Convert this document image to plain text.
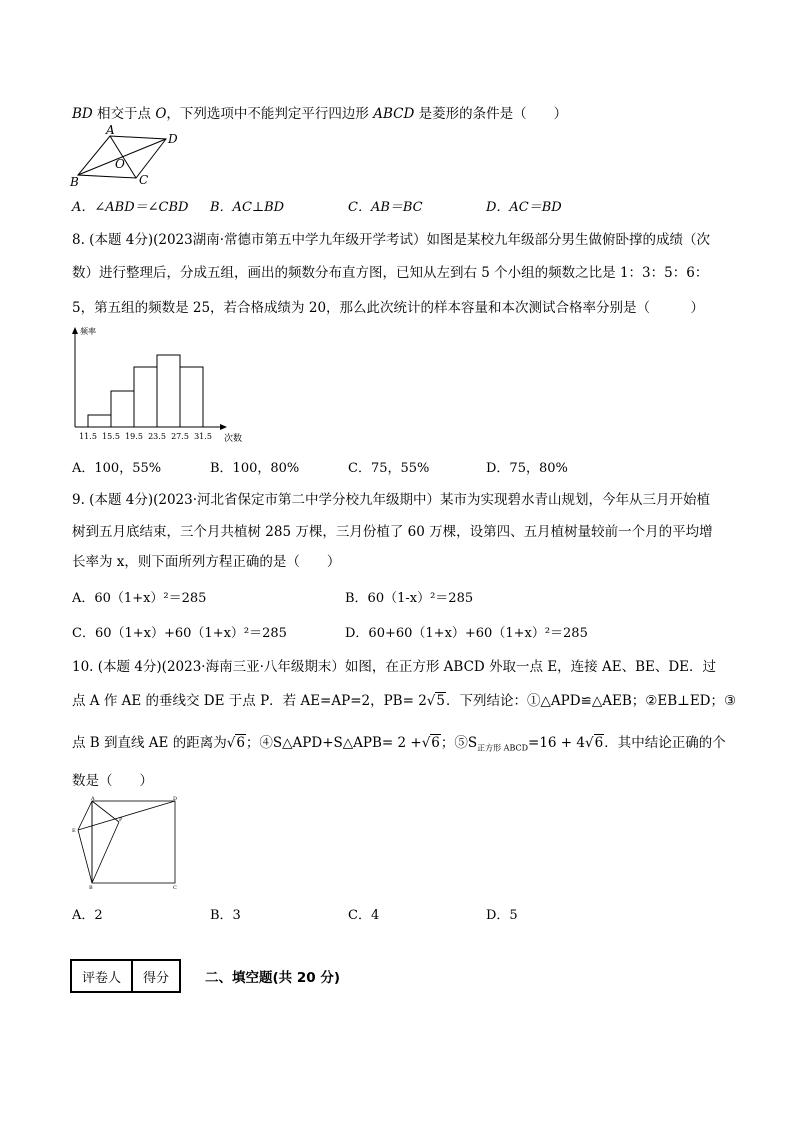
BD 相交于点 O，下列选项中不能判定平行四边形 ABCD 是菱形的条件是（　　）
A
D
C
B
O
A．∠ABD＝∠CBD B．AC⊥BD	C．AB＝BC	D．AC＝BD
8. (本题 4分)(2023湖南·常德市第五中学九年级开学考试）如图是某校九年级部分男生做俯卧撑的成绩（次
数）进行整理后，分成五组，画出的频数分布直方图，已知从左到右 5 个小组的频数之比是 1：3：5：6：
5，第五组的频数是 25，若合格成绩为 20，那么此次统计的样本容量和本次测试合格率分别是（　　　）
频率
次数
11.5 15.5 19.5 23.5 27.5 31.5
A．100，55%	B．100，80%	C．75，55%	D．75，80%
9. (本题 4分)(2023·河北省保定市第二中学分校九年级期中）某市为实现碧水青山规划，今年从三月开始植
树到五月底结束，三个月共植树 285 万棵，三月份植了 60 万棵，设第四、五月植树量较前一个月的平均增
长率为 x，则下面所列方程正确的是（　　）
A．60（1+x）²＝285	B．60（1-x）²＝285
C．60（1+x）+60（1+x）²＝285	D．60+60（1+x）+60（1+x）²＝285
10. (本题 4分)(2023·海南三亚·八年级期末）如图，在正方形 ABCD 外取一点 E，连接 AE、BE、DE．过
点 A 作 AE 的垂线交 DE 于点 P．若 AE=AP=2，PB= 2√5．下列结论：①△APD≌△AEB；②EB⊥ED；③
点 B 到直线 AE 的距离为√6；④S△APD+S△APB= 2 +√6；$⑤S_{正方形 ABCD}=16 + 4√6$．其中结论正确的个
数是（　　）
A	D
E
P
B	C
A．2	B．3	C．4	D．5
评卷人	得分	二、填空题(共 20 分)
